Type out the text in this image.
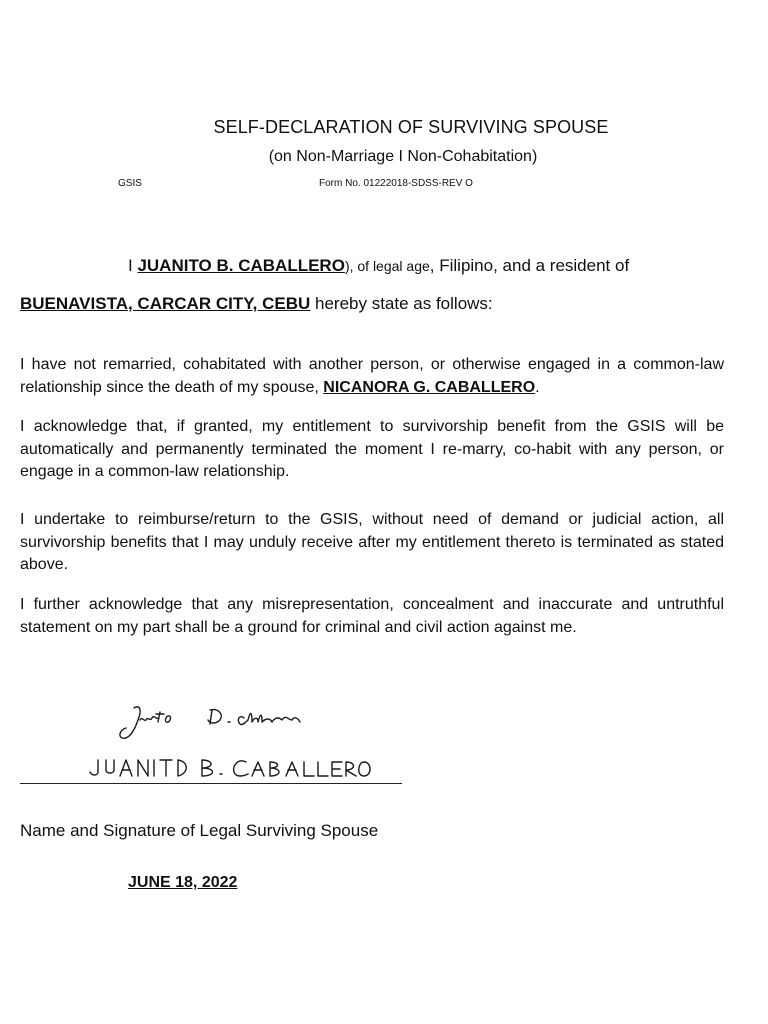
SELF-DECLARATION OF SURVIVING SPOUSE
(on Non-Marriage I Non-Cohabitation)
GSIS	Form No. 01222018-SDSS-REV O
I JUANITO B. CABALLERO), of legal age, Filipino, and a resident of
BUENAVISTA, CARCAR CITY, CEBU hereby state as follows:
I have not remarried, cohabitated with another person, or otherwise engaged in a common-law relationship since the death of my spouse, NICANORA G. CABALLERO.
I acknowledge that, if granted, my entitlement to survivorship benefit from the GSIS will be automatically and permanently terminated the moment I re-marry, co-habit with any person, or engage in a common-law relationship.
I undertake to reimburse/return to the GSIS, without need of demand or judicial action, all survivorship benefits that I may unduly receive after my entitlement thereto is terminated as stated above.
I further acknowledge that any misrepresentation, concealment and inaccurate and untruthful statement on my part shall be a ground for criminal and civil action against me.
Name and Signature of Legal Surviving Spouse
JUNE 18, 2022
